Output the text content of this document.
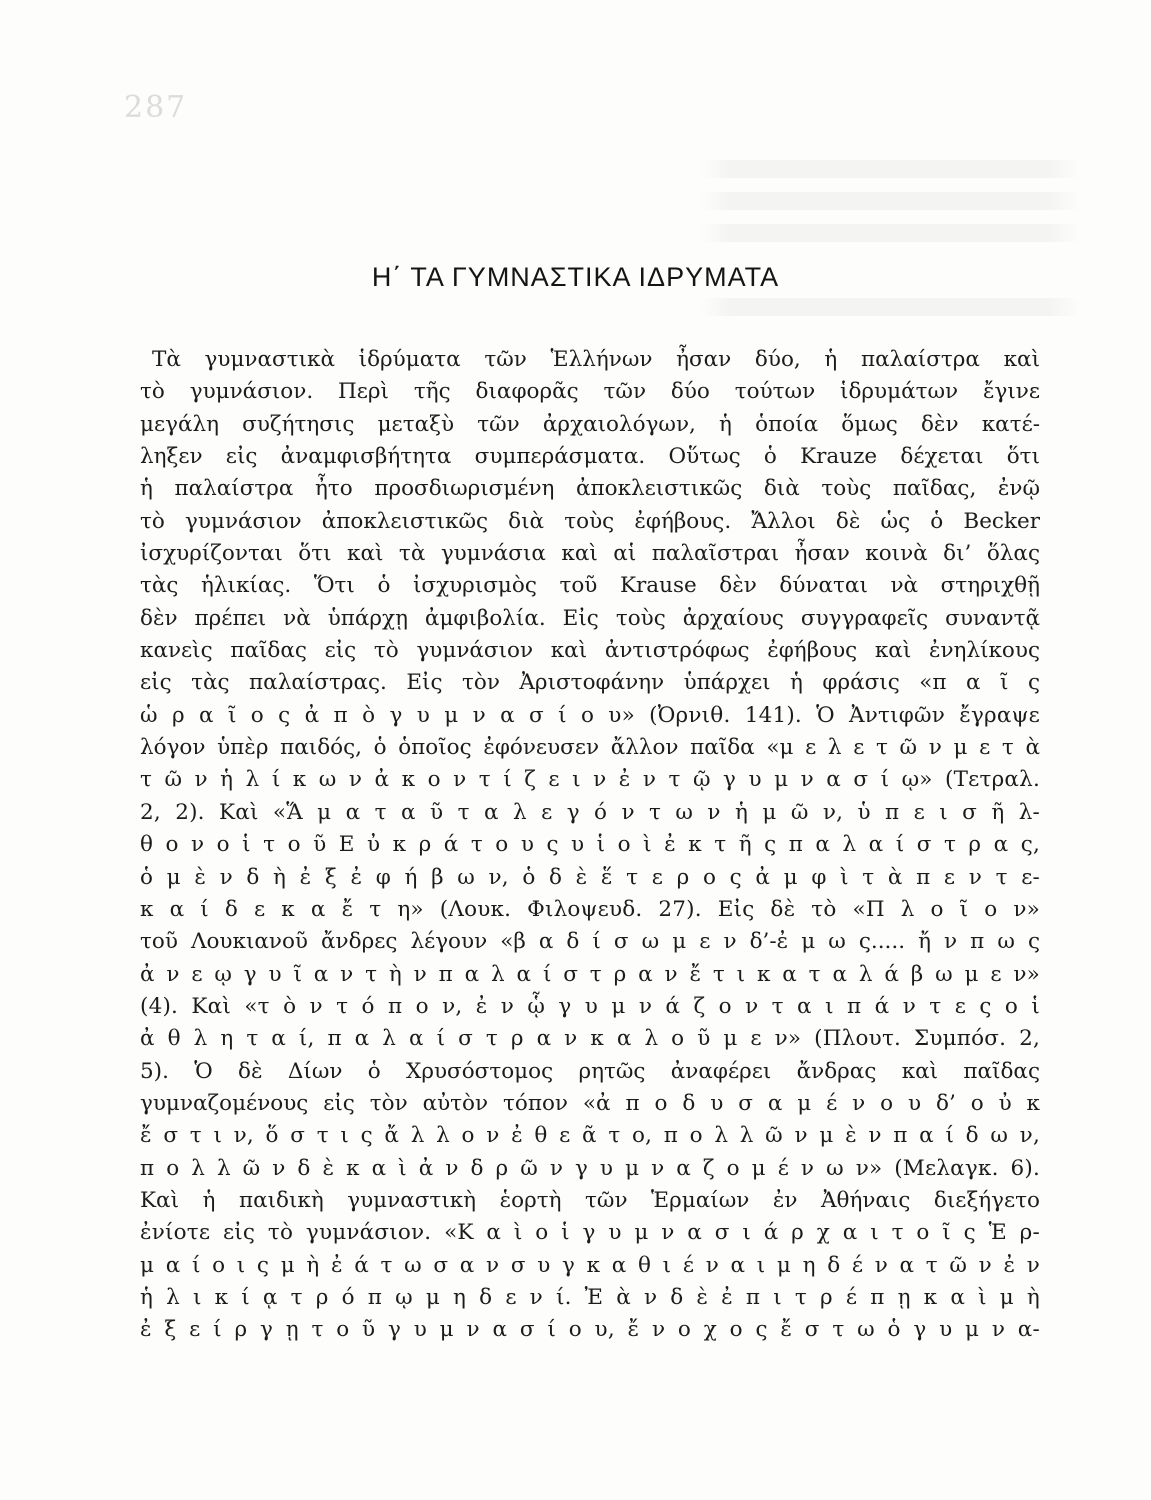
287
Η΄ ΤΑ ΓΥΜΝΑΣΤΙΚΑ ΙΔΡΥΜΑΤΑ
Τὰ γυμναστικὰ ἱδρύματα τῶν Ἑλλήνων ἦσαν δύο, ἡ παλαίστρα καὶ
τὸ γυμνάσιον. Περὶ τῆς διαφορᾶς τῶν δύο τούτων ἱδρυμάτων ἔγινε
μεγάλη συζήτησις μεταξὺ τῶν ἀρχαιολόγων, ἡ ὁποία ὅμως δὲν κατέ-
ληξεν εἰς ἀναμφισβήτητα συμπεράσματα. Οὕτως ὁ Krauze δέχεται ὅτι
ἡ παλαίστρα ἦτο προσδιωρισμένη ἀποκλειστικῶς διὰ τοὺς παῖδας, ἐνῷ
τὸ γυμνάσιον ἀποκλειστικῶς διὰ τοὺς ἐφήβους. Ἄλλοι δὲ ὡς ὁ Becker
ἰσχυρίζονται ὅτι καὶ τὰ γυμνάσια καὶ αἱ παλαῖστραι ἦσαν κοινὰ δι’ ὅλας
τὰς ἡλικίας. Ὅτι ὁ ἰσχυρισμὸς τοῦ Krause δὲν δύναται νὰ στηριχθῇ
δὲν πρέπει νὰ ὑπάρχῃ ἀμφιβολία. Εἰς τοὺς ἀρχαίους συγγραφεῖς συναντᾷ
κανεὶς παῖδας εἰς τὸ γυμνάσιον καὶ ἀντιστρόφως ἐφήβους καὶ ἐνηλίκους
εἰς τὰς παλαίστρας. Εἰς τὸν Ἀριστοφάνην ὑπάρχει ἡ φράσις «π α ῖ ς
ὡ ρ α ῖ ο ς ἀ π ὸ γ υ μ ν α σ ί ο υ» (Ὀρνιθ. 141). Ὁ Ἀντιφῶν ἔγραψε
λόγον ὑπὲρ παιδός, ὁ ὁποῖος ἐφόνευσεν ἄλλον παῖδα «μ ε λ ε τ ῶ ν μ ε τ ὰ
τ ῶ ν ἡ λ ί κ ω ν ἀ κ ο ν τ ί ζ ε ι ν ἐ ν τ ῷ γ υ μ ν α σ ί ῳ» (Τετραλ.
2, 2). Καὶ «Ἅ μ α τ α ῦ τ α λ ε γ ό ν τ ω ν ἡ μ ῶ ν, ὑ π ε ι σ ῆ λ-
θ ο ν ο ἱ τ ο ῦ Ε ὐ κ ρ ά τ ο υ ς υ ἱ ο ὶ ἐ κ τ ῆ ς π α λ α ί σ τ ρ α ς,
ὁ μ ὲ ν δ ὴ ἐ ξ ἐ φ ή β ω ν, ὁ δ ὲ ἕ τ ε ρ ο ς ἀ μ φ ὶ τ ὰ π ε ν τ ε-
κ α ί δ ε κ α ἔ τ η» (Λουκ. Φιλοψευδ. 27). Εἰς δὲ τὸ «Π λ ο ῖ ο ν»
τοῦ Λουκιανοῦ ἄνδρες λέγουν «β α δ ί σ ω μ ε ν δ’-ἐ μ ω ς..... ἤ ν π ω ς
ἀ ν ε ῳ γ υ ῖ α ν τ ὴ ν π α λ α ί σ τ ρ α ν ἔ τ ι κ α τ α λ ά β ω μ ε ν»
(4). Καὶ «τ ὸ ν τ ό π ο ν, ἐ ν ᾧ γ υ μ ν ά ζ ο ν τ α ι π ά ν τ ε ς ο ἱ
ἀ θ λ η τ α ί, π α λ α ί σ τ ρ α ν κ α λ ο ῦ μ ε ν» (Πλουτ. Συμπόσ. 2,
5). Ὁ δὲ Δίων ὁ Χρυσόστομος ρητῶς ἀναφέρει ἄνδρας καὶ παῖδας
γυμναζομένους εἰς τὸν αὐτὸν τόπον «ἀ π ο δ υ σ α μ έ ν ο υ δ’ ο ὐ κ
ἔ σ τ ι ν, ὅ σ τ ι ς ἄ λ λ ο ν ἐ θ ε ᾶ τ ο, π ο λ λ ῶ ν μ ὲ ν π α ί δ ω ν,
π ο λ λ ῶ ν δ ὲ κ α ὶ ἀ ν δ ρ ῶ ν γ υ μ ν α ζ ο μ έ ν ω ν» (Μελαγκ. 6).
Καὶ ἡ παιδικὴ γυμναστικὴ ἑορτὴ τῶν Ἑρμαίων ἐν Ἀθήναις διεξήγετο
ἐνίοτε εἰς τὸ γυμνάσιον. «Κ α ὶ ο ἱ γ υ μ ν α σ ι ά ρ χ α ι τ ο ῖ ς Ἑ ρ-
μ α ί ο ι ς μ ὴ ἐ ά τ ω σ α ν σ υ γ κ α θ ι έ ν α ι μ η δ έ ν α τ ῶ ν ἐ ν
ἡ λ ι κ ί ᾳ τ ρ ό π ῳ μ η δ ε ν ί. Ἐ ὰ ν δ ὲ ἐ π ι τ ρ έ π ῃ κ α ὶ μ ὴ
ἐ ξ ε ί ρ γ ῃ τ ο ῦ γ υ μ ν α σ ί ο υ, ἔ ν ο χ ο ς ἔ σ τ ω ὁ γ υ μ ν α-
